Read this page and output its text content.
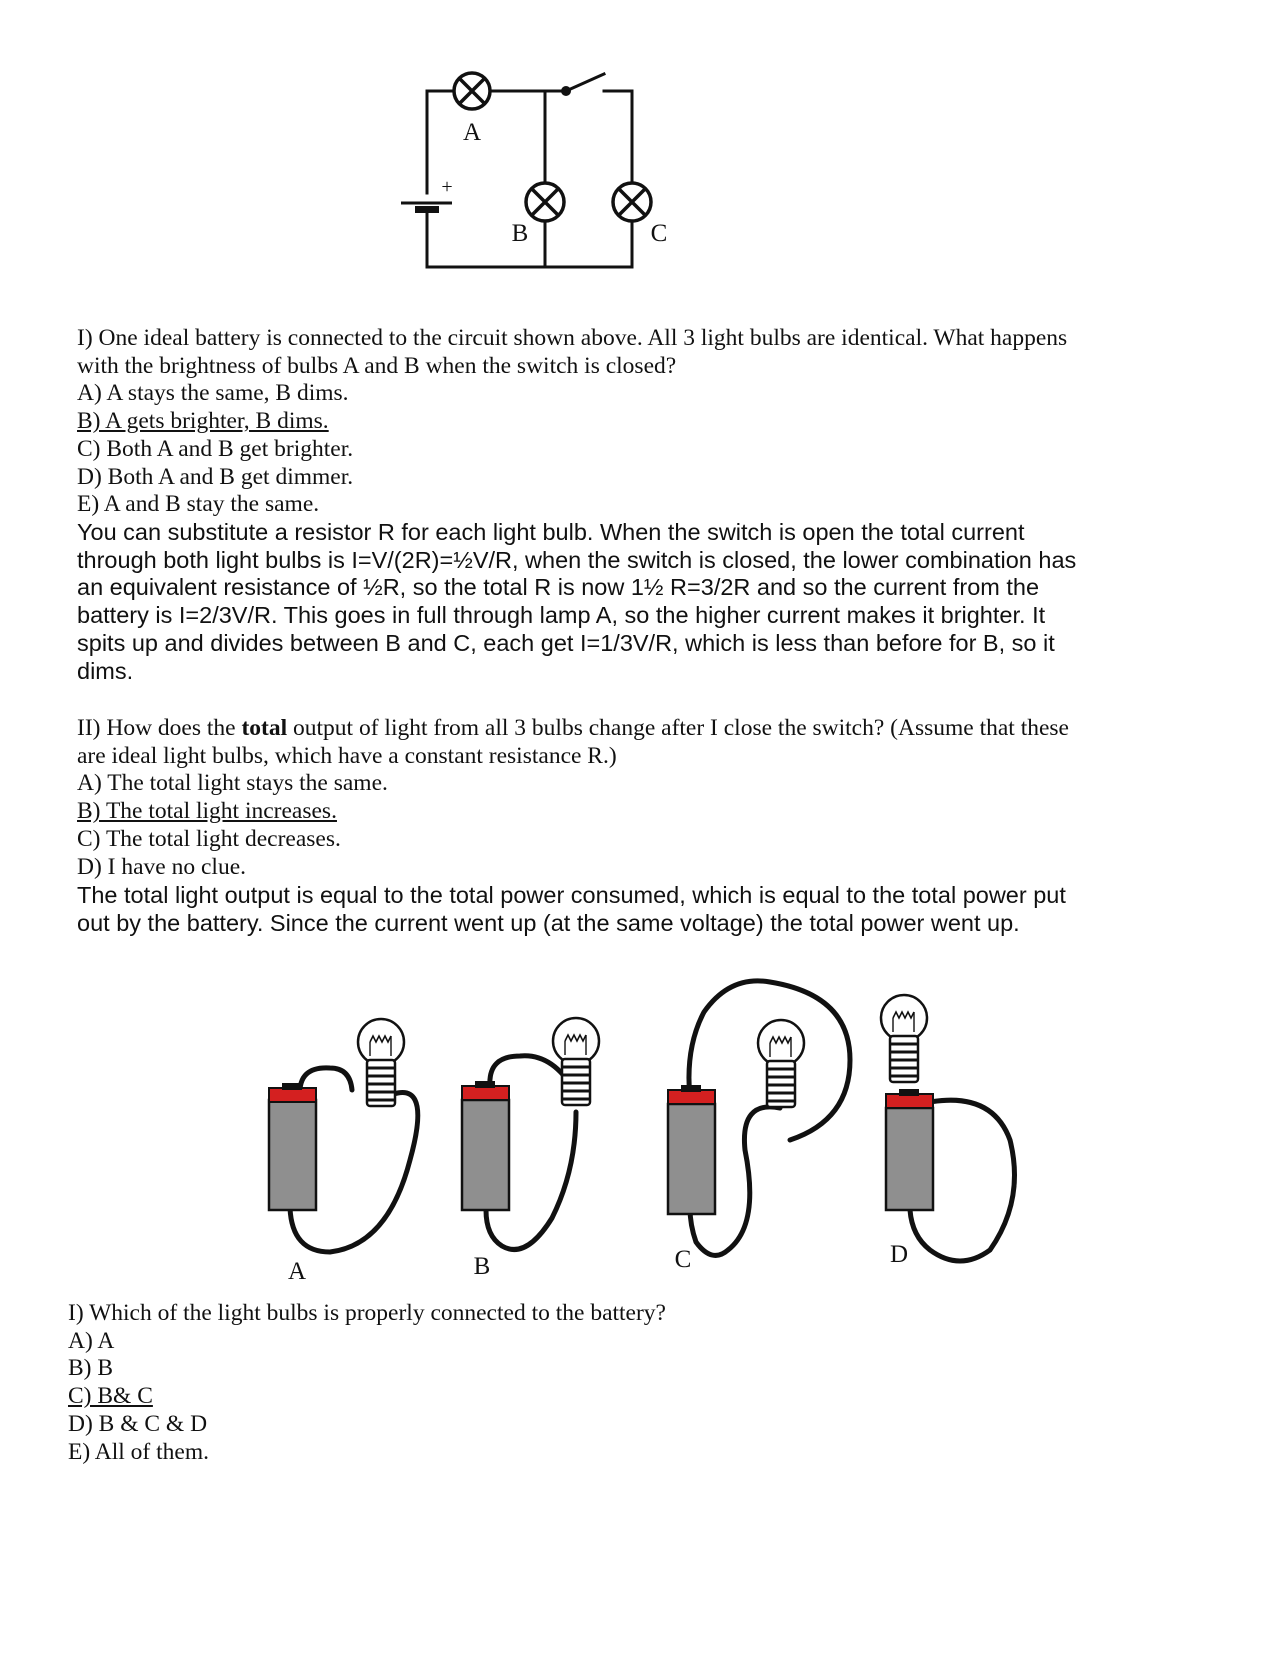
+
A
B	C
I) One ideal battery is connected to the circuit shown above. All 3 light bulbs are identical. What happens
with the brightness of bulbs A and B when the switch is closed?
A) A stays the same, B dims.
B) A gets brighter, B dims.
C) Both A and B get brighter.
D) Both A and B get dimmer.
E) A and B stay the same.
You can substitute a resistor R for each light bulb. When the switch is open the total current
through both light bulbs is I=V/(2R)=½V/R, when the switch is closed, the lower combination has
an equivalent resistance of ½R, so the total R is now 1½ R=3/2R and so the current from the
battery is I=2/3V/R. This goes in full through lamp A, so the higher current makes it brighter. It
spits up and divides between B and C, each get I=1/3V/R, which is less than before for B, so it
dims.
II) How does the total output of light from all 3 bulbs change after I close the switch? (Assume that these
are ideal light bulbs, which have a constant resistance R.)
A) The total light stays the same.
B) The total light increases.
C) The total light decreases.
D) I have no clue.
The total light output is equal to the total power consumed, which is equal to the total power put
out by the battery. Since the current went up (at the same voltage) the total power went up.
A	B	C	D
I) Which of the light bulbs is properly connected to the battery?
A) A
B) B
C) B& C
D) B & C & D
E) All of them.
